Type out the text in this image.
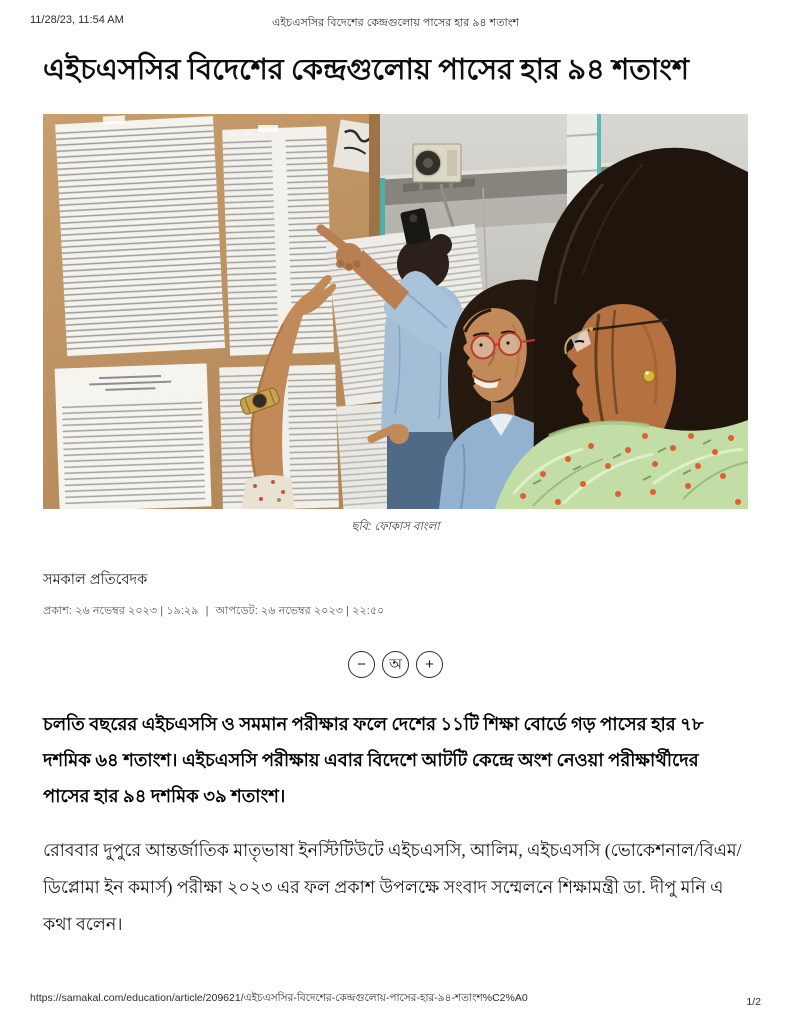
11/28/23, 11:54 AM	এইচএসসির বিদেশের কেন্দ্রগুলোয় পাসের হার ৯৪ শতাংশ
এইচএসসির বিদেশের কেন্দ্রগুলোয় পাসের হার ৯৪ শতাংশ
ছবি: ফোকাস বাংলা
সমকাল প্রতিবেদক
প্রকাশ: ২৬ নভেম্বর ২০২৩ | ১৯:২৯ | আপডেট: ২৬ নভেম্বর ২০২৩ | ২২:৫০
− অ +

চলতি বছরের এইচএসসি ও সমমান পরীক্ষার ফলে দেশের ১১টি শিক্ষা বোর্ডে গড় পাসের হার ৭৮ দশমিক ৬৪ শতাংশ। এইচএসসি পরীক্ষায় এবার বিদেশে আটটি কেন্দ্রে অংশ নেওয়া পরীক্ষার্থীদের পাসের হার ৯৪ দশমিক ৩৯ শতাংশ।

রোববার দুপুরে আন্তর্জাতিক মাতৃভাষা ইনস্টিটিউটে এইচএসসি, আলিম, এইচএসসি (ভোকেশনাল/বিএম/ডিপ্লোমা ইন কমার্স) পরীক্ষা ২০২৩ এর ফল প্রকাশ উপলক্ষে সংবাদ সম্মেলনে শিক্ষামন্ত্রী ডা. দীপু মনি এ কথা বলেন।

https://samakal.com/education/article/209621/এইচএসসির-বিদেশের-কেন্দ্রগুলোয়-পাসের-হার-৯৪-শতাংশ%C2%A0	1/2
